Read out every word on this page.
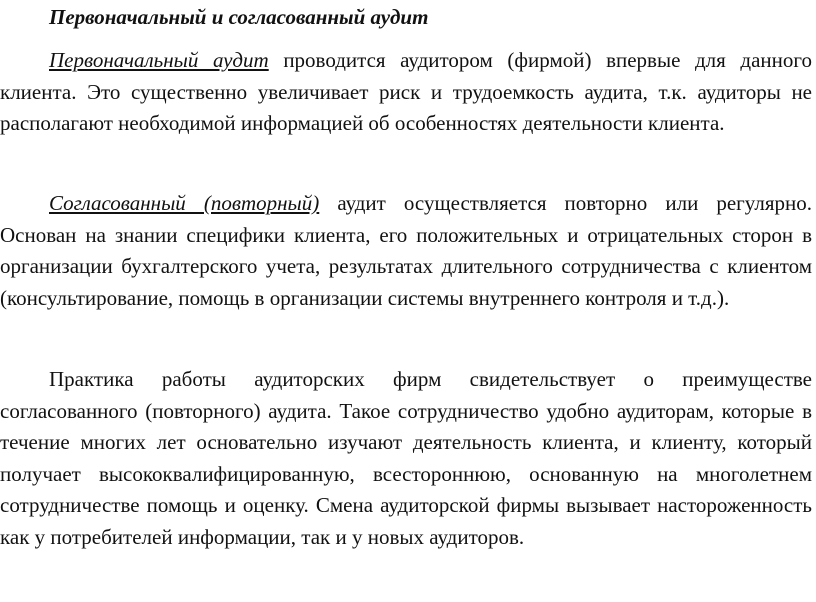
Первоначальный и согласованный аудит

Первоначальный аудит проводится аудитором (фирмой) впервые для данного клиента. Это существенно увеличивает риск и трудоемкость аудита, т.к. аудиторы не располагают необходимой информацией об особенностях деятельности клиента.

Согласованный (повторный) аудит осуществляется повторно или регулярно. Основан на знании специфики клиента, его положительных и отрицательных сторон в организации бухгалтерского учета, результатах длительного сотрудничества с клиентом (консультирование, помощь в организации системы внутреннего контроля и т.д.).

Практика работы аудиторских фирм свидетельствует о преимуществе согласованного (повторного) аудита. Такое сотрудничество удобно аудиторам, которые в течение многих лет основательно изучают деятельность клиента, и клиенту, который получает высококвалифицированную, всестороннюю, основанную на многолетнем сотрудничестве помощь и оценку. Смена аудиторской фирмы вызывает настороженность как у потребителей информации, так и у новых аудиторов.
